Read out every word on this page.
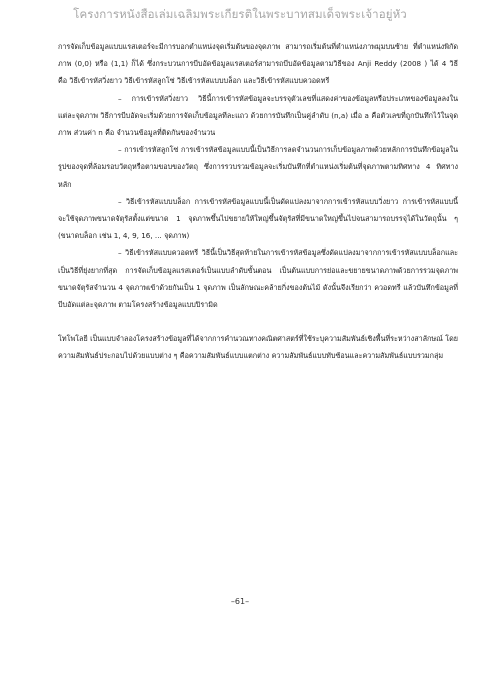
โครงการหนังสือเล่มเฉลิมพระเกียรติในพระบาทสมเด็จพระเจ้าอยู่หัว

การจัดเก็บข้อมูลแบบแรสเตอร์จะมีการบอกตำแหน่งจุดเริ่มต้นของจุดภาพ สามารถเริ่มต้นที่ตำแหน่งภาพมุมบนซ้าย ที่ตำแหน่งพิกัดภาพ (0,0) หรือ (1,1) ก็ได้ ซึ่งกระบวนการบีบอัดข้อมูลแรสเตอร์สามารถบีบอัดข้อมูลตามวิธีของ Anji Reddy (2008 ) ได้ 4 วิธี คือ วิธีเข้ารหัสวิ่งยาว วิธีเข้ารหัสลูกโซ่ วิธีเข้ารหัสแบบบล็อก และวิธีเข้ารหัสแบบควอดทรี

– การเข้ารหัสวิ่งยาว วิธีนี้การเข้ารหัสข้อมูลจะบรรจุตัวเลขที่แสดงค่าของข้อมูลหรือประเภทของข้อมูลลงในแต่ละจุดภาพ วิธีการบีบอัดจะเริ่มด้วยการจัดเก็บข้อมูลทีละแถว ด้วยการบันทึกเป็นคู่ลำดับ (n,a) เมื่อ a คือตัวเลขที่ถูกบันทึกไว้ในจุดภาพ ส่วนค่า n คือ จำนวนข้อมูลที่ติดกันของจำนวน

– การเข้ารหัสลูกโซ่ การเข้ารหัสข้อมูลแบบนี้เป็นวิธีการลดจำนวนการเก็บข้อมูลภาพด้วยหลักการบันทึกข้อมูลในรูปของจุดที่ล้อมรอบวัตถุหรือตามขอบของวัตถุ ซึ่งการรวบรวมข้อมูลจะเริ่มบันทึกที่ตำแหน่งเริ่มต้นที่จุดภาพตามทิศทาง 4 ทิศทางหลัก

– วิธีเข้ารหัสแบบบล็อก การเข้ารหัสข้อมูลแบบนี้เป็นดัดแปลงมาจากการเข้ารหัสแบบวิ่งยาว การเข้ารหัสแบบนี้จะใช้จุดภาพขนาดจัตุรัสตั้งแต่ขนาด 1 จุดภาพขึ้นไปขยายให้ใหญ่ขึ้นจัตุรัสที่มีขนาดใหญ่ขึ้นไปจนสามารถบรรจุได้ในวัตถุนั้น ๆ (ขนาดบล็อก เช่น 1, 4, 9, 16, ... จุดภาพ)

– วิธีเข้ารหัสแบบควอดทรี วิธีนี้เป็นวิธีสุดท้ายในการเข้ารหัสข้อมูลซึ่งดัดแปลงมาจากการเข้ารหัสแบบบล็อกและเป็นวิธีที่ยุ่งยากที่สุด การจัดเก็บข้อมูลแรสเตอร์เป็นแบบลำดับขั้นตอน เป็นต้นแบบการย่อและขยายขนาดภาพด้วยการรวมจุดภาพขนาดจัตุรัสจำนวน 4 จุดภาพเข้าด้วยกันเป็น 1 จุดภาพ เป็นลักษณะคล้ายกิ่งของต้นไม้ ดังนั้นจึงเรียกว่า ควอดทรี แล้วบันทึกข้อมูลที่บีบอัดแต่ละจุดภาพ ตามโครงสร้างข้อมูลแบบปิรามิด

โทโพโลยี เป็นแบบจำลองโครงสร้างข้อมูลที่ได้จากการคำนวณทางคณิตศาสตร์ที่ใช้ระบุความสัมพันธ์เชิงพื้นที่ระหว่างสาลักษณ์ โดยความสัมพันธ์ประกอบไปด้วยแบบต่าง ๆ คือความสัมพันธ์แบบแตกต่าง ความสัมพันธ์แบบทับซ้อนและความสัมพันธ์แบบรวมกลุ่ม

–61–
